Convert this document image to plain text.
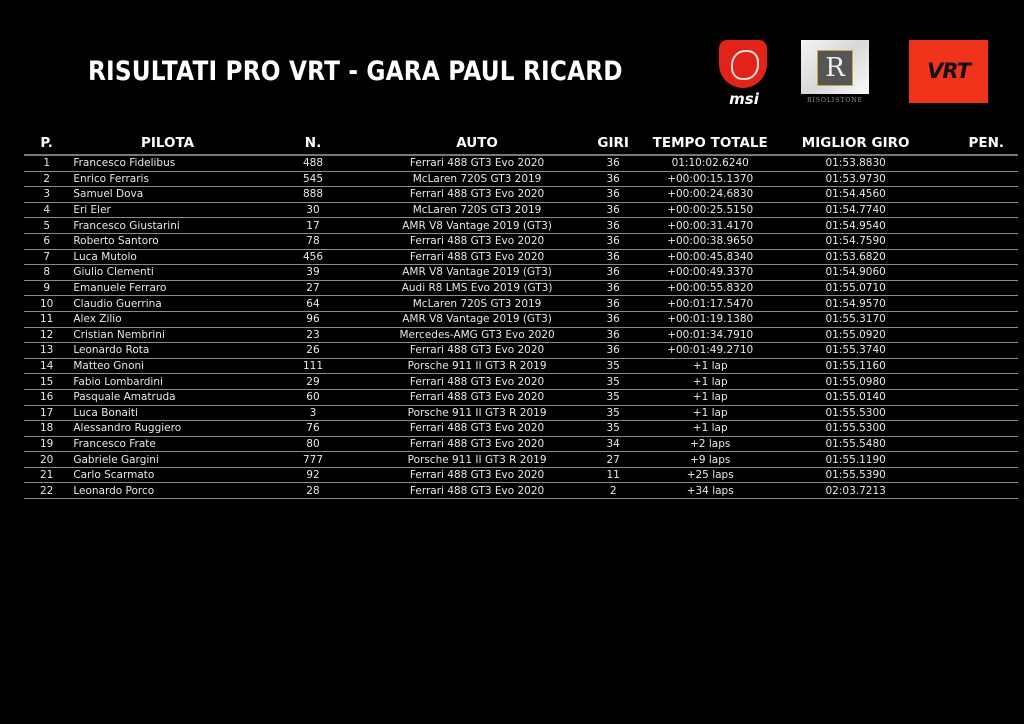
RISULTATI PRO VRT - GARA PAUL RICARD
msi
R
RISOLISTONE
VRT
P.	PILOTA	N.	AUTO	GIRI	TEMPO TOTALE	MIGLIOR GIRO	PEN.
1	Francesco Fidelibus	488	Ferrari 488 GT3 Evo 2020	36	01:10:02.6240	01:53.8830	
2	Enrico Ferraris	545	McLaren 720S GT3 2019	36	+00:00:15.1370	01:53.9730	
3	Samuel Dova	888	Ferrari 488 GT3 Evo 2020	36	+00:00:24.6830	01:54.4560	
4	Eri Eler	30	McLaren 720S GT3 2019	36	+00:00:25.5150	01:54.7740	
5	Francesco Giustarini	17	AMR V8 Vantage 2019 (GT3)	36	+00:00:31.4170	01:54.9540	
6	Roberto Santoro	78	Ferrari 488 GT3 Evo 2020	36	+00:00:38.9650	01:54.7590	
7	Luca Mutolo	456	Ferrari 488 GT3 Evo 2020	36	+00:00:45.8340	01:53.6820	
8	Giulio Clementi	39	AMR V8 Vantage 2019 (GT3)	36	+00:00:49.3370	01:54.9060	
9	Emanuele Ferraro	27	Audi R8 LMS Evo 2019 (GT3)	36	+00:00:55.8320	01:55.0710	
10	Claudio Guerrina	64	McLaren 720S GT3 2019	36	+00:01:17.5470	01:54.9570	
11	Alex Zilio	96	AMR V8 Vantage 2019 (GT3)	36	+00:01:19.1380	01:55.3170	
12	Cristian Nembrini	23	Mercedes-AMG GT3 Evo 2020	36	+00:01:34.7910	01:55.0920	
13	Leonardo Rota	26	Ferrari 488 GT3 Evo 2020	36	+00:01:49.2710	01:55.3740	
14	Matteo Gnoni	111	Porsche 911 II GT3 R 2019	35	+1 lap	01:55.1160	
15	Fabio Lombardini	29	Ferrari 488 GT3 Evo 2020	35	+1 lap	01:55.0980	
16	Pasquale Amatruda	60	Ferrari 488 GT3 Evo 2020	35	+1 lap	01:55.0140	
17	Luca Bonaiti	3	Porsche 911 II GT3 R 2019	35	+1 lap	01:55.5300	
18	Alessandro Ruggiero	76	Ferrari 488 GT3 Evo 2020	35	+1 lap	01:55.5300	
19	Francesco Frate	80	Ferrari 488 GT3 Evo 2020	34	+2 laps	01:55.5480	
20	Gabriele Gargini	777	Porsche 911 II GT3 R 2019	27	+9 laps	01:55.1190	
21	Carlo Scarmato	92	Ferrari 488 GT3 Evo 2020	11	+25 laps	01:55.5390	
22	Leonardo Porco	28	Ferrari 488 GT3 Evo 2020	2	+34 laps	02:03.7213	
